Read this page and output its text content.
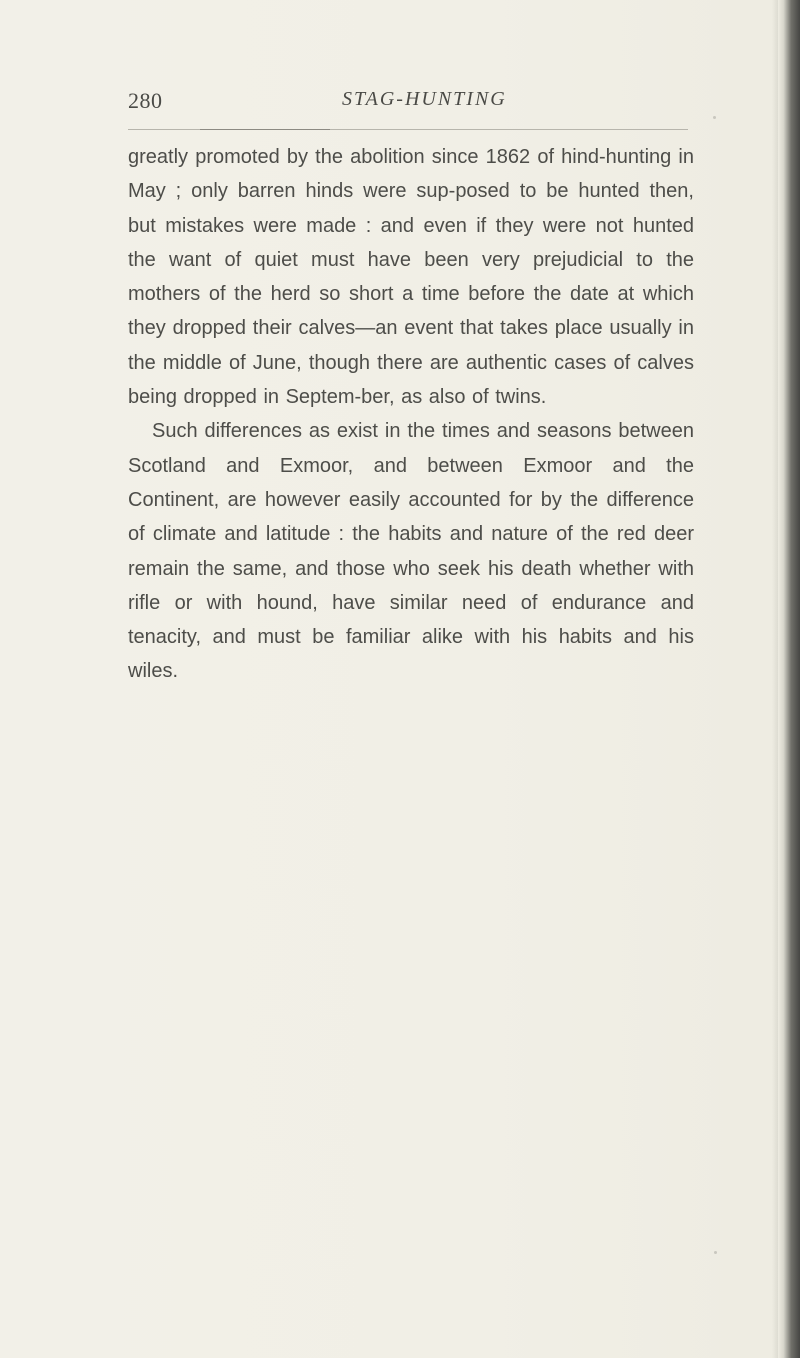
280	STAG-HUNTING

greatly promoted by the abolition since 1862 of hind-hunting in May ; only barren hinds were sup-posed to be hunted then, but mistakes were made : and even if they were not hunted the want of quiet must have been very prejudicial to the mothers of the herd so short a time before the date at which they dropped their calves—an event that takes place usually in the middle of June, though there are authentic cases of calves being dropped in Septem-ber, as also of twins.

Such differences as exist in the times and seasons between Scotland and Exmoor, and between Exmoor and the Continent, are however easily accounted for by the difference of climate and latitude : the habits and nature of the red deer remain the same, and those who seek his death whether with rifle or with hound, have similar need of endurance and tenacity, and must be familiar alike with his habits and his wiles.
